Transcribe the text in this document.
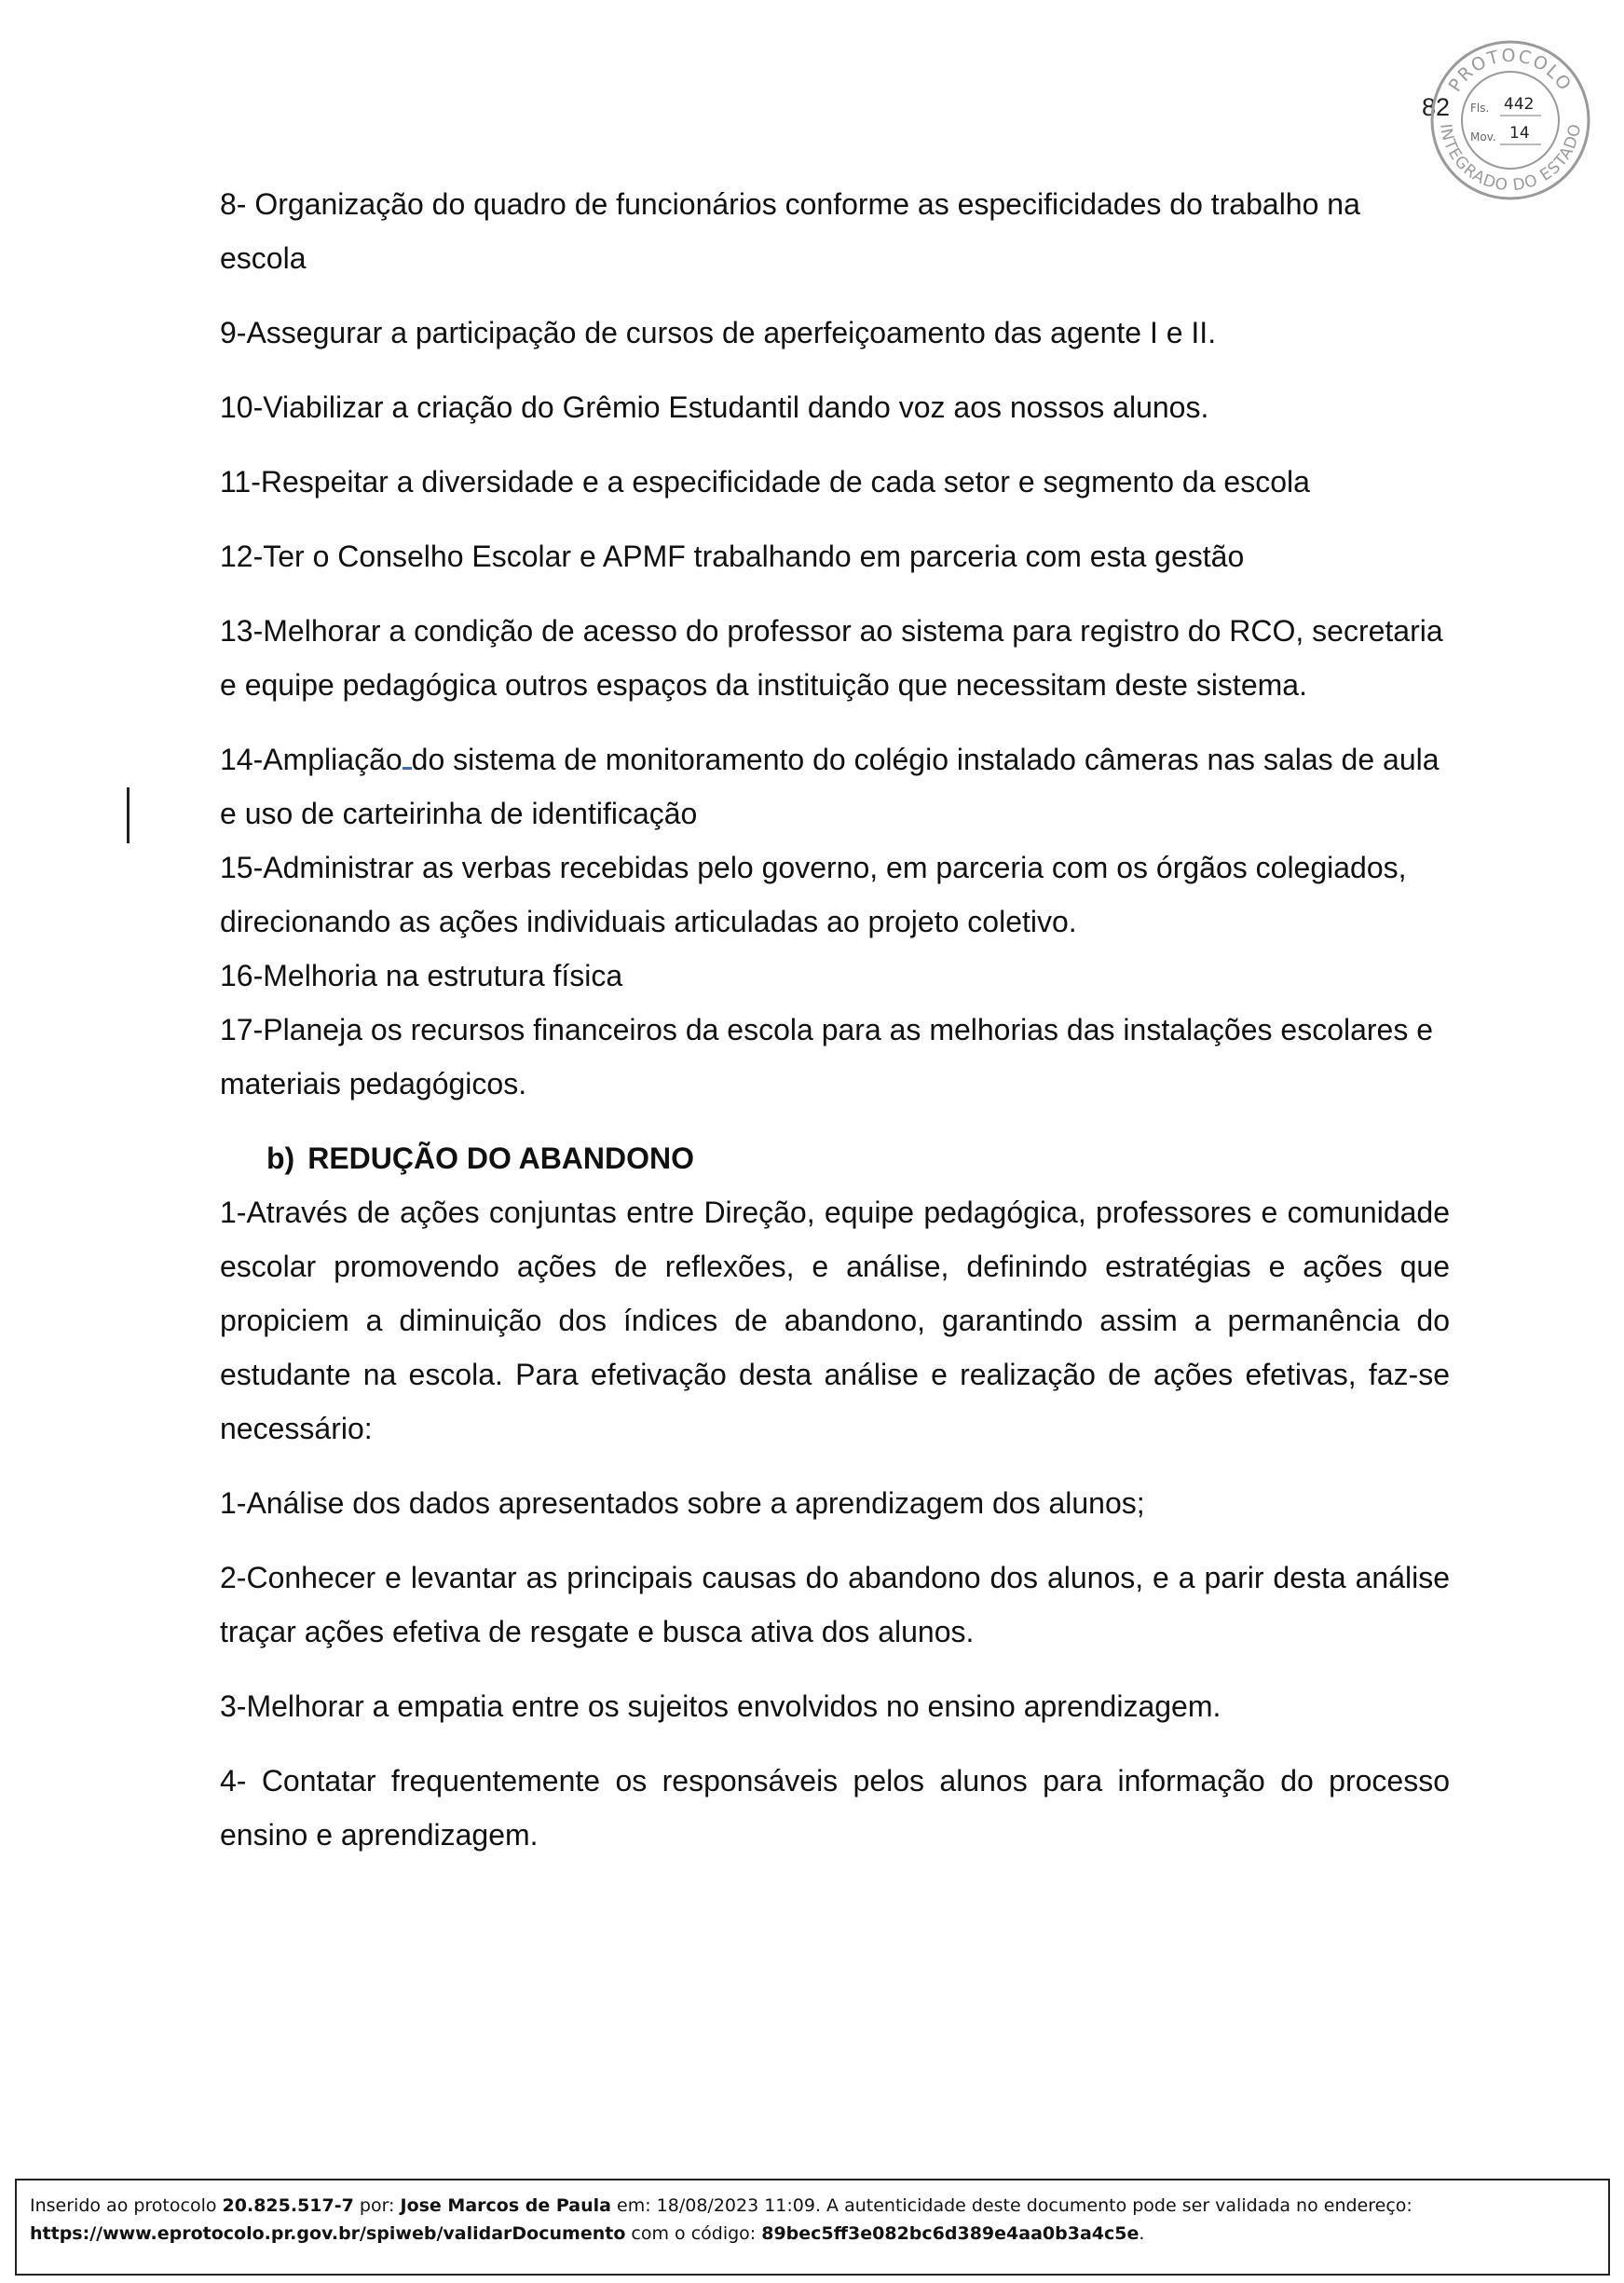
82
PROTOCOLO
INTEGRADO DO ESTADO
Fls. 442
Mov. 14

8- Organização do quadro de funcionários conforme as especificidades do trabalho na escola

9-Assegurar a participação de cursos de aperfeiçoamento das agente I e II.

10-Viabilizar a criação do Grêmio Estudantil dando voz aos nossos alunos.

11-Respeitar a diversidade e a especificidade de cada setor e segmento da escola

12-Ter o Conselho Escolar e APMF trabalhando em parceria com esta gestão

13-Melhorar a condição de acesso do professor ao sistema para registro do RCO, secretaria e equipe pedagógica outros espaços da instituição que necessitam deste sistema.

14-Ampliação do sistema de monitoramento do colégio instalado câmeras nas salas de aula e uso de carteirinha de identificação

15-Administrar as verbas recebidas pelo governo, em parceria com os órgãos colegiados, direcionando as ações individuais articuladas ao projeto coletivo.

16-Melhoria na estrutura física

17-Planeja os recursos financeiros da escola para as melhorias das instalações escolares e materiais pedagógicos.

b) REDUÇÃO DO ABANDONO

1-Através de ações conjuntas entre Direção, equipe pedagógica, professores e comunidade escolar promovendo ações de reflexões, e análise, definindo estratégias e ações que propiciem a diminuição dos índices de abandono, garantindo assim a permanência do estudante na escola. Para efetivação desta análise e realização de ações efetivas, faz-se necessário:

1-Análise dos dados apresentados sobre a aprendizagem dos alunos;

2-Conhecer e levantar as principais causas do abandono dos alunos, e a parir desta análise traçar ações efetiva de resgate e busca ativa dos alunos.

3-Melhorar a empatia entre os sujeitos envolvidos no ensino aprendizagem.

4- Contatar frequentemente os responsáveis pelos alunos para informação do processo ensino e aprendizagem.

Inserido ao protocolo 20.825.517-7 por: Jose Marcos de Paula em: 18/08/2023 11:09. A autenticidade deste documento pode ser validada no endereço:
https://www.eprotocolo.pr.gov.br/spiweb/validarDocumento com o código: 89bec5ff3e082bc6d389e4aa0b3a4c5e.
